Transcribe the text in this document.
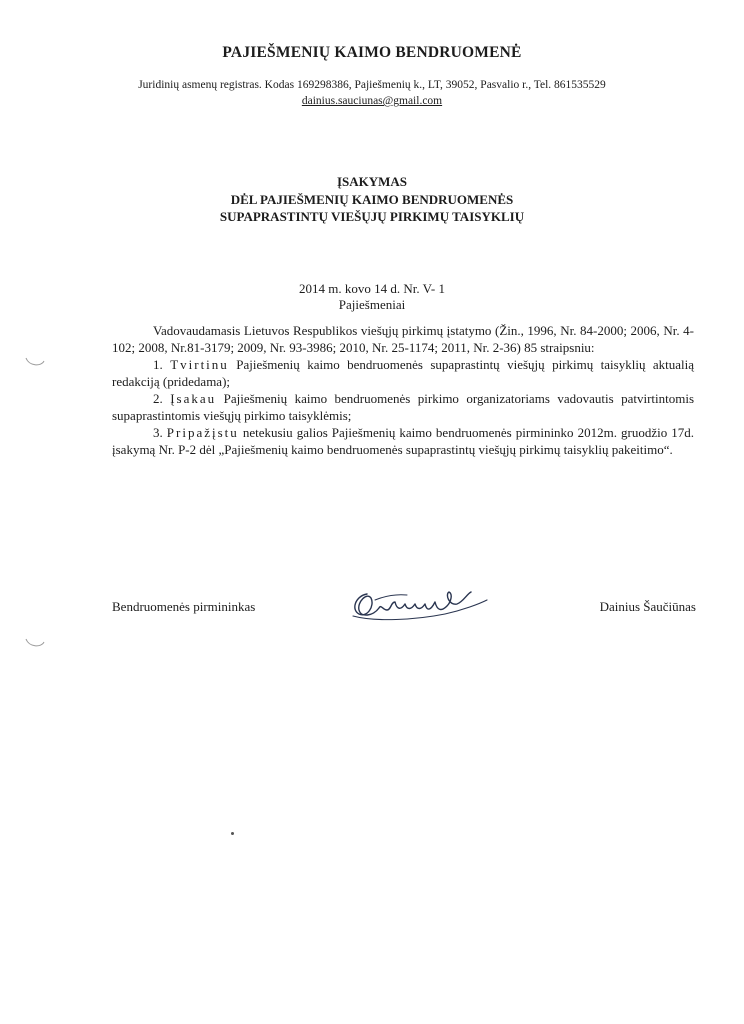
PAJIEŠMENIŲ KAIMO BENDRUOMENĖ
Juridinių asmenų registras. Kodas 169298386, Pajiešmenių k., LT, 39052, Pasvalio r., Tel. 861535529
dainius.sauciunas@gmail.com
ĮSAKYMAS
DĖL PAJIEŠMENIŲ KAIMO BENDRUOMENĖS
SUPAPRASTINTŲ VIEŠŲJŲ PIRKIMŲ TAISYKLIŲ
2014 m. kovo 14 d. Nr. V- 1
Pajiešmeniai

Vadovaudamasis Lietuvos Respublikos viešųjų pirkimų įstatymo (Žin., 1996, Nr. 84-2000; 2006, Nr. 4-102; 2008, Nr.81-3179; 2009, Nr. 93-3986; 2010, Nr. 25-1174; 2011, Nr. 2-36) 85 straipsniu:

1. Tvirtinu Pajiešmenių kaimo bendruomenės supaprastintų viešųjų pirkimų taisyklių aktualią redakciją (pridedama);

2. Įsakau Pajiešmenių kaimo bendruomenės pirkimo organizatoriams vadovautis patvirtintomis supaprastintomis viešųjų pirkimo taisyklėmis;

3. Pripažįstu netekusiu galios Pajiešmenių kaimo bendruomenės pirmininko 2012m. gruodžio 17d. įsakymą Nr. P-2 dėl „Pajiešmenių kaimo bendruomenės supaprastintų viešųjų pirkimų taisyklių pakeitimo“.

Bendruomenės pirmininkas	Dainius Šaučiūnas
